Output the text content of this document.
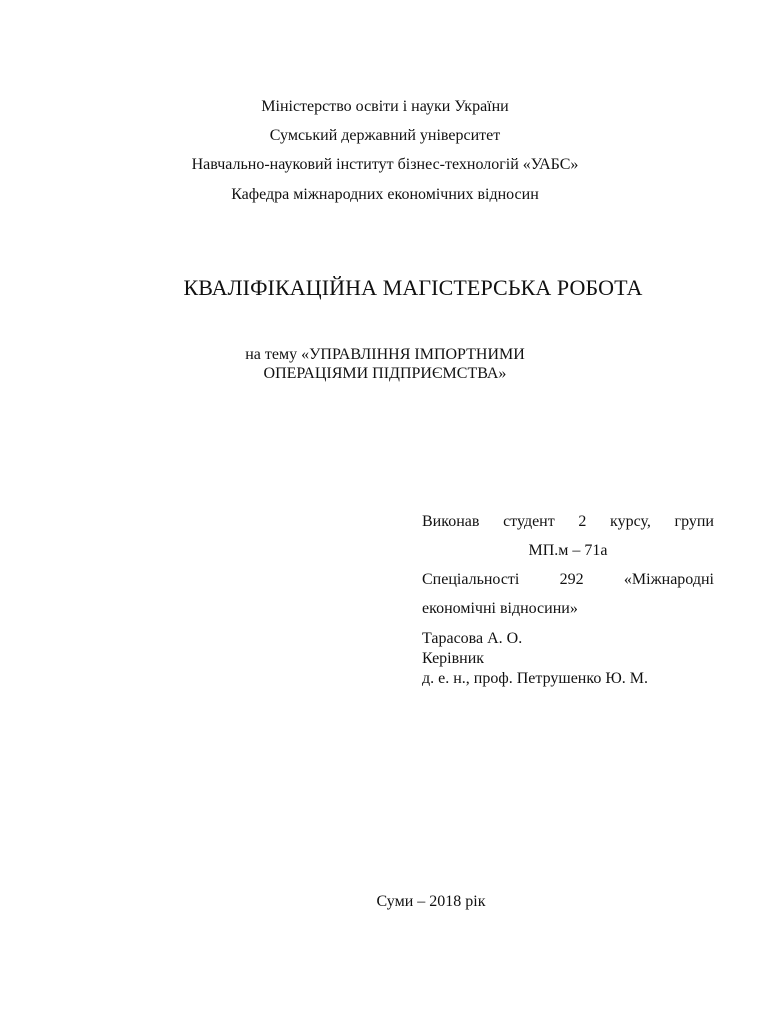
Міністерство освіти і науки України
Сумський державний університет
Навчально-науковий інститут бізнес-технологій «УАБС»
Кафедра міжнародних економічних відносин
КВАЛІФІКАЦІЙНА МАГІСТЕРСЬКА РОБОТА
на тему «УПРАВЛІННЯ ІМПОРТНИМИ
ОПЕРАЦІЯМИ ПІДПРИЄМСТВА»
Виконав студент 2 курсу, групи
МП.м – 71а
Спеціальності	292	«Міжнародні
економічні відносини»
Тарасова А. О.
Керівник
д. е. н., проф. Петрушенко Ю. М.
Суми – 2018 рік
